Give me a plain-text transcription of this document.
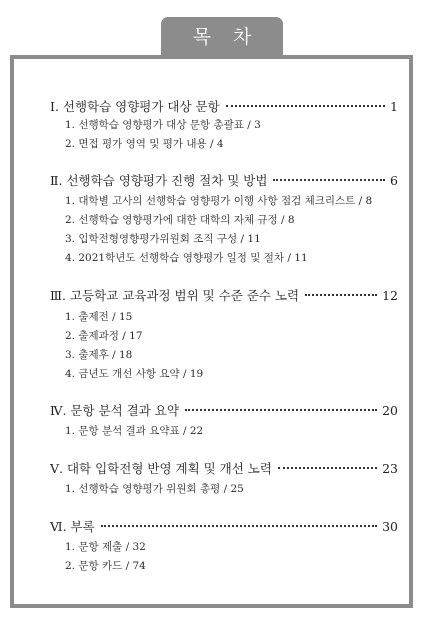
목 차
Ⅰ. 선행학습 영향평가 대상 문항	1
1. 선행학습 영향평가 대상 문항 총괄표 / 3
2. 면접 평가 영역 및 평가 내용 / 4
Ⅱ. 선행학습 영향평가 진행 절차 및 방법	6
1. 대학별 고사의 선행학습 영향평가 이행 사항 점검 체크리스트 / 8
2. 선행학습 영향평가에 대한 대학의 자체 규정 / 8
3. 입학전형영향평가위원회 조직 구성 / 11
4. 2021학년도 선행학습 영향평가 일정 및 절차 / 11
Ⅲ. 고등학교 교육과정 범위 및 수준 준수 노력	12
1. 출제전 / 15
2. 출제과정 / 17
3. 출제후 / 18
4. 금년도 개선 사항 요약 / 19
Ⅳ. 문항 분석 결과 요약	20
1. 문항 분석 결과 요약표 / 22
Ⅴ. 대학 입학전형 반영 계획 및 개선 노력	23
1. 선행학습 영향평가 위원회 총평 / 25
Ⅵ. 부록	30
1. 문항 제출 / 32
2. 문항 카드 / 74
